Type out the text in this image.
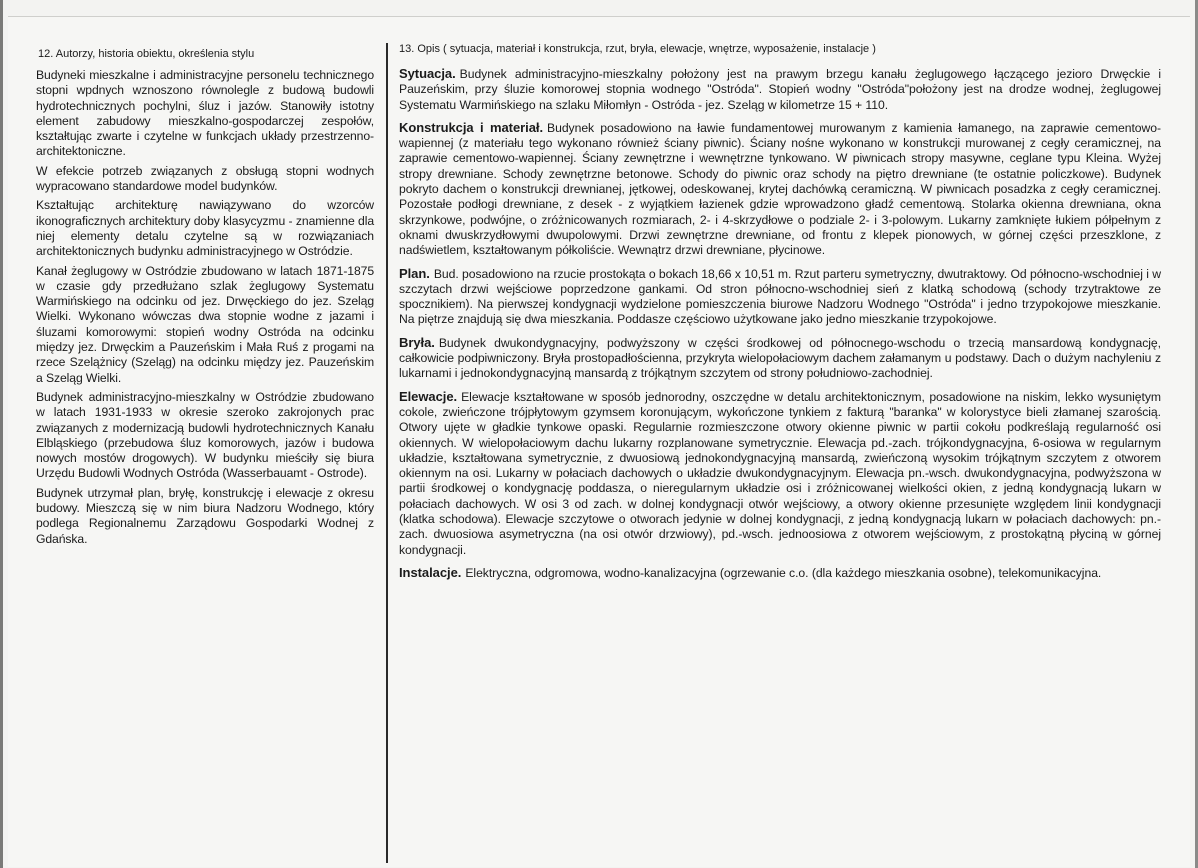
12. Autorzy, historia obiektu, określenia stylu

Budyneki mieszkalne i administracyjne personelu technicznego stopni wpdnych wznoszono równolegle z budową budowli hydrotechnicznych pochylni, śluz i jazów. Stanowiły istotny element zabudowy mieszkalno-gospodarczej zespołów, kształtując zwarte i czytelne w funkcjach układy przestrzenno-architektoniczne.

W efekcie potrzeb związanych z obsługą stopni wodnych wypracowano standardowe model budynków.

Kształtując architekturę nawiązywano do wzorców ikonograficznych architektury doby klasycyzmu - znamienne dla niej elementy detalu czytelne są w rozwiązaniach architektonicznych budynku administracyjnego w Ostródzie.

Kanał żeglugowy w Ostródzie zbudowano w latach 1871-1875 w czasie gdy przedłużano szlak żeglugowy Systematu Warmińskiego na odcinku od jez. Drwęckiego do jez. Szeląg Wielki. Wykonano wówczas dwa stopnie wodne z jazami i śluzami komorowymi: stopień wodny Ostróda na odcinku między jez. Drwęckim a Pauzeńskim i Mała Ruś z progami na rzece Szelążnicy (Szeląg) na odcinku między jez. Pauzeńskim a Szeląg Wielki.

Budynek administracyjno-mieszkalny w Ostródzie zbudowano w latach 1931-1933 w okresie szeroko zakrojonych prac związanych z modernizacją budowli hydrotechnicznych Kanału Elbląskiego (przebudowa śluz komorowych, jazów i budowa nowych mostów drogowych). W budynku mieściły się biura Urzędu Budowli Wodnych Ostróda (Wasserbauamt - Ostrode).

Budynek utrzymał plan, bryłę, konstrukcję i elewacje z okresu budowy. Mieszczą się w nim biura Nadzoru Wodnego, który podlega Regionalnemu Zarządowu Gospodarki Wodnej z Gdańska.

13. Opis ( sytuacja, materiał i konstrukcja, rzut, bryła, elewacje, wnętrze, wyposażenie, instalacje )

Sytuacja. Budynek administracyjno-mieszkalny położony jest na prawym brzegu kanału żeglugowego łączącego jezioro Drwęckie i Pauzeńskim, przy śluzie komorowej stopnia wodnego "Ostróda". Stopień wodny "Ostróda"położony jest na drodze wodnej, żeglugowej Systematu Warmińskiego na szlaku Miłomłyn - Ostróda - jez. Szeląg w kilometrze 15 + 110.

Konstrukcja i materiał. Budynek posadowiono na ławie fundamentowej murowanym z kamienia łamanego, na zaprawie cementowo-wapiennej (z materiału tego wykonano również ściany piwnic). Ściany nośne wykonano w konstrukcji murowanej z cegły ceramicznej, na zaprawie cementowo-wapiennej. Ściany zewnętrzne i wewnętrzne tynkowano. W piwnicach stropy masywne, ceglane typu Kleina. Wyżej stropy drewniane. Schody zewnętrzne betonowe. Schody do piwnic oraz schody na piętro drewniane (te ostatnie policzkowe). Budynek pokryto dachem o konstrukcji drewnianej, jętkowej, odeskowanej, krytej dachówką ceramiczną. W piwnicach posadzka z cegły ceramicznej. Pozostałe podłogi drewniane, z desek - z wyjątkiem łazienek gdzie wprowadzono gładź cementową. Stolarka okienna drewniana, okna skrzynkowe, podwójne, o zróżnicowanych rozmiarach, 2- i 4-skrzydłowe o podziale 2- i 3-polowym. Lukarny zamknięte łukiem półpełnym z oknami dwuskrzydłowymi dwupolowymi. Drzwi zewnętrzne drewniane, od frontu z klepek pionowych, w górnej części przeszklone, z nadświetlem, kształtowanym półkoliście. Wewnątrz drzwi drewniane, płycinowe.

Plan. Bud. posadowiono na rzucie prostokąta o bokach 18,66 x 10,51 m. Rzut parteru symetryczny, dwutraktowy. Od północno-wschodniej i w szczytach drzwi wejściowe poprzedzone gankami. Od stron północno-wschodniej sień z klatką schodową (schody trzytraktowe ze spocznikiem). Na pierwszej kondygnacji wydzielone pomieszczenia biurowe Nadzoru Wodnego "Ostróda" i jedno trzypokojowe mieszkanie. Na piętrze znajdują się dwa mieszkania. Poddasze częściowo użytkowane jako jedno mieszkanie trzypokojowe.

Bryła. Budynek dwukondygnacyjny, podwyższony w części środkowej od północnego-wschodu o trzecią mansardową kondygnację, całkowicie podpiwniczony. Bryła prostopadłościenna, przykryta wielopołaciowym dachem załamanym u podstawy. Dach o dużym nachyleniu z lukarnami i jednokondygnacyjną mansardą z trójkątnym szczytem od strony południowo-zachodniej.

Elewacje. Elewacje kształtowane w sposób jednorodny, oszczędne w detalu architektonicznym, posadowione na niskim, lekko wysuniętym cokole, zwieńczone trójpłytowym gzymsem koronującym, wykończone tynkiem z fakturą "baranka" w kolorystyce bieli złamanej szarością. Otwory ujęte w gładkie tynkowe opaski. Regularnie rozmieszczone otwory okienne piwnic w partii cokołu podkreślają regularność osi okiennych. W wielopołaciowym dachu lukarny rozplanowane symetrycznie. Elewacja pd.-zach. trójkondygnacyjna, 6-osiowa w regularnym układzie, kształtowana symetrycznie, z dwuosiową jednokondygnacyjną mansardą, zwieńczoną wysokim trójkątnym szczytem z otworem okiennym na osi. Lukarny w połaciach dachowych o układzie dwukondygnacyjnym. Elewacja pn.-wsch. dwukondygnacyjna, podwyższona w partii środkowej o kondygnację poddasza, o nieregularnym układzie osi i zróżnicowanej wielkości okien, z jedną kondygnacją lukarn w połaciach dachowych. W osi 3 od zach. w dolnej kondygnacji otwór wejściowy, a otwory okienne przesunięte względem linii kondygnacji (klatka schodowa). Elewacje szczytowe o otworach jedynie w dolnej kondygnacji, z jedną kondygnacją lukarn w połaciach dachowych: pn.-zach. dwuosiowa asymetryczna (na osi otwór drzwiowy), pd.-wsch. jednoosiowa z otworem wejściowym, z prostokątną płyciną w górnej kondygnacji.

Instalacje. Elektryczna, odgromowa, wodno-kanalizacyjna (ogrzewanie c.o. (dla każdego mieszkania osobne), telekomunikacyjna.
